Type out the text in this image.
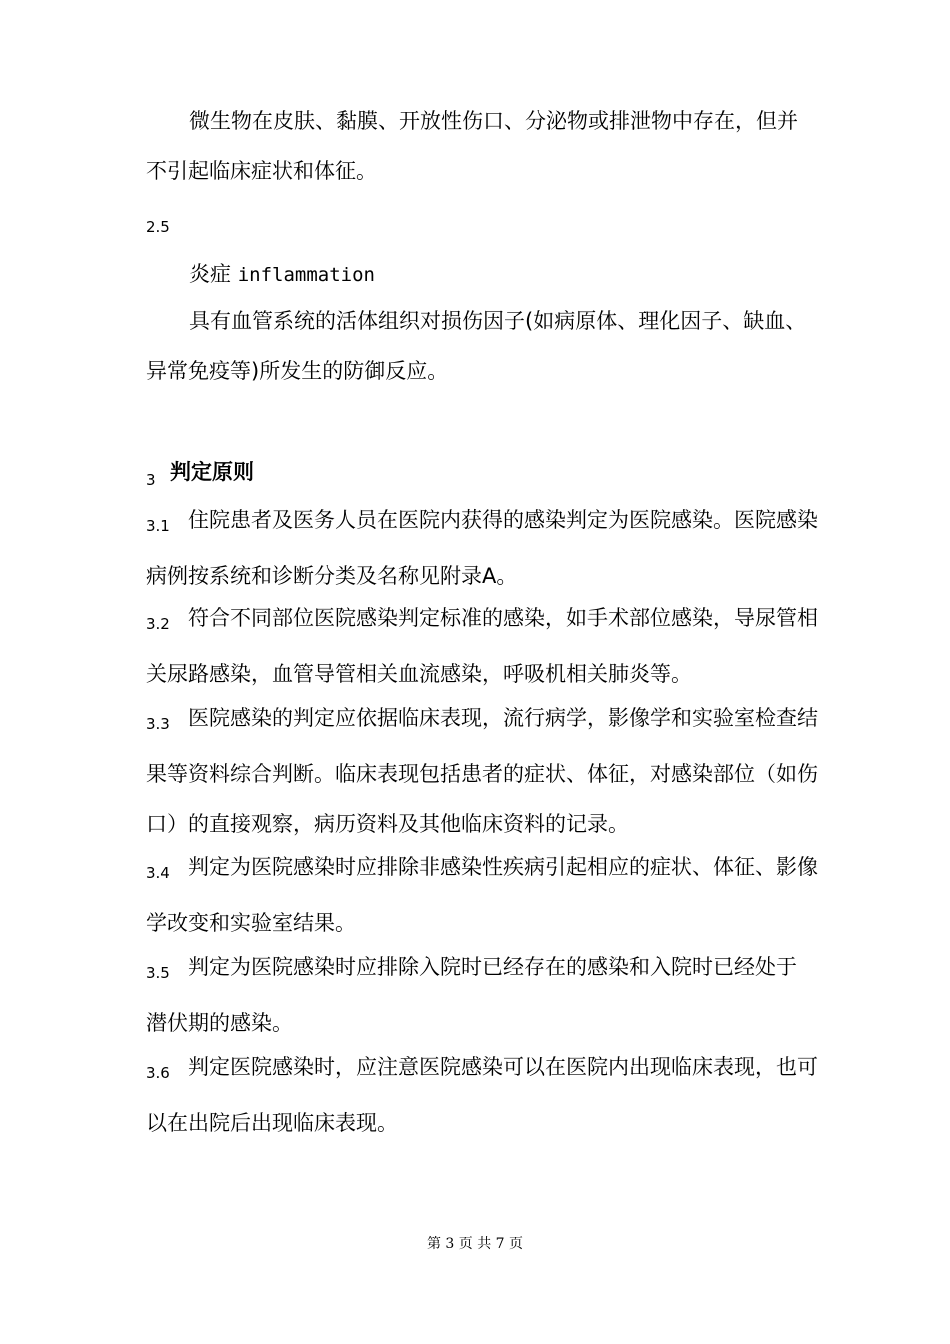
微生物在皮肤、黏膜、开放性伤口、分泌物或排泄物中存在，但并不引起临床症状和体征。
2.5
炎症 inflammation
具有血管系统的活体组织对损伤因子(如病原体、理化因子、缺血、异常免疫等)所发生的防御反应。
3 判定原则
3.1 住院患者及医务人员在医院内获得的感染判定为医院感染。医院感染病例按系统和诊断分类及名称见附录A。
3.2 符合不同部位医院感染判定标准的感染，如手术部位感染，导尿管相关尿路感染，血管导管相关血流感染，呼吸机相关肺炎等。
3.3 医院感染的判定应依据临床表现，流行病学，影像学和实验室检查结果等资料综合判断。临床表现包括患者的症状、体征，对感染部位（如伤口）的直接观察，病历资料及其他临床资料的记录。
3.4 判定为医院感染时应排除非感染性疾病引起相应的症状、体征、影像学改变和实验室结果。
3.5 判定为医院感染时应排除入院时已经存在的感染和入院时已经处于潜伏期的感染。
3.6 判定医院感染时，应注意医院感染可以在医院内出现临床表现，也可以在出院后出现临床表现。
第 3 页 共 7 页
